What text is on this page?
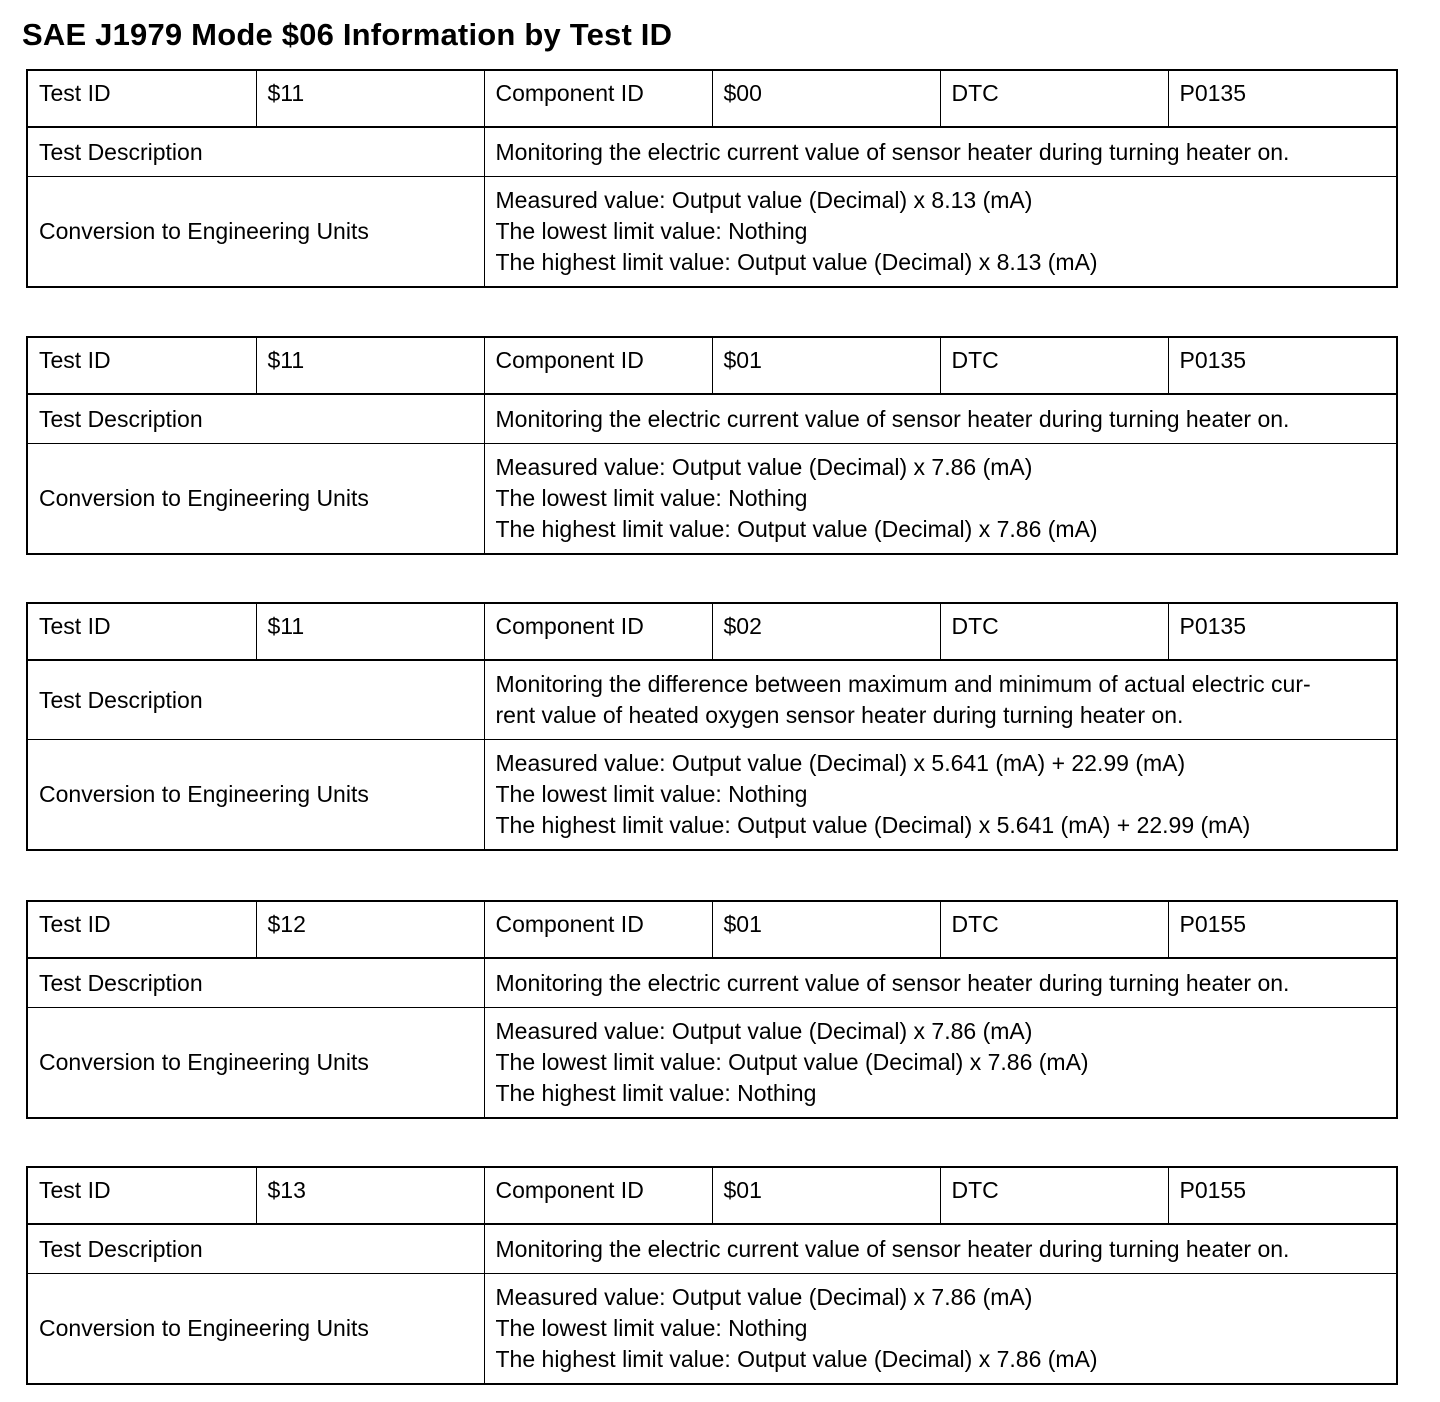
SAE J1979 Mode $06 Information by Test ID
Test ID	$11	Component ID	$00	DTC	P0135
Test Description		Monitoring the electric current value of sensor heater during turning heater on.			

Conversion to Engineering Units		Measured value: Output value (Decimal) x 8.13 (mA)
The lowest limit value: Nothing
The highest limit value: Output value (Decimal) x 8.13 (mA)			
Test ID	$11	Component ID	$01	DTC	P0135
Test Description		Monitoring the electric current value of sensor heater during turning heater on.			

Conversion to Engineering Units		Measured value: Output value (Decimal) x 7.86 (mA)
The lowest limit value: Nothing
The highest limit value: Output value (Decimal) x 7.86 (mA)			
Test ID	$11	Component ID	$02	DTC	P0135
Test Description		Monitoring the difference between maximum and minimum of actual electric cur-
rent value of heated oxygen sensor heater during turning heater on.			

Conversion to Engineering Units		Measured value: Output value (Decimal) x 5.641 (mA) + 22.99 (mA)
The lowest limit value: Nothing
The highest limit value: Output value (Decimal) x 5.641 (mA) + 22.99 (mA)			
Test ID	$12	Component ID	$01	DTC	P0155
Test Description		Monitoring the electric current value of sensor heater during turning heater on.			

Conversion to Engineering Units		Measured value: Output value (Decimal) x 7.86 (mA)
The lowest limit value: Output value (Decimal) x 7.86 (mA)
The highest limit value: Nothing			
Test ID	$13	Component ID	$01	DTC	P0155
Test Description		Monitoring the electric current value of sensor heater during turning heater on.			

Conversion to Engineering Units		Measured value: Output value (Decimal) x 7.86 (mA)
The lowest limit value: Nothing
The highest limit value: Output value (Decimal) x 7.86 (mA)			
